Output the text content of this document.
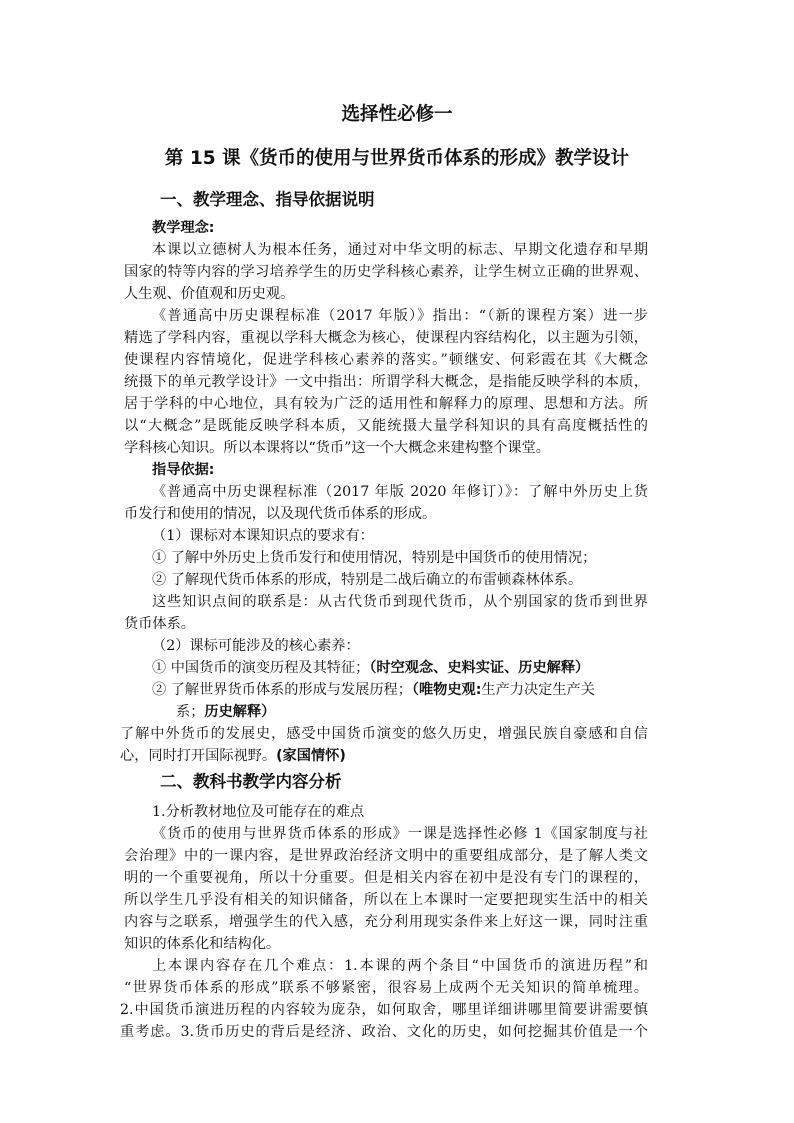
选择性必修一
第 15 课《货币的使用与世界货币体系的形成》教学设计
一、教学理念、指导依据说明
教学理念:
本课以立德树人为根本任务，通过对中华文明的标志、早期文化遗存和早期
国家的特等内容的学习培养学生的历史学科核心素养，让学生树立正确的世界观、
人生观、价值观和历史观。
《普通高中历史课程标准（2017 年版）》指出：“（新的课程方案）进一步
精选了学科内容，重视以学科大概念为核心，使课程内容结构化，以主题为引领，
使课程内容情境化，促进学科核心素养的落实。”顿继安、何彩霞在其《大概念
统摄下的单元教学设计》一文中指出：所谓学科大概念，是指能反映学科的本质，
居于学科的中心地位，具有较为广泛的适用性和解释力的原理、思想和方法。所
以“大概念”是既能反映学科本质，又能统摄大量学科知识的具有高度概括性的
学科核心知识。所以本课将以“货币”这一个大概念来建构整个课堂。
指导依据:
《普通高中历史课程标准（2017 年版 2020 年修订）》：了解中外历史上货
币发行和使用的情况，以及现代货币体系的形成。
（1）课标对本课知识点的要求有：
① 了解中外历史上货币发行和使用情况，特别是中国货币的使用情况；
② 了解现代货币体系的形成，特别是二战后确立的布雷顿森林体系。
这些知识点间的联系是：从古代货币到现代货币，从个别国家的货币到世界
货币体系。
（2）课标可能涉及的核心素养：
① 中国货币的演变历程及其特征；（时空观念、史料实证、历史解释）
② 了解世界货币体系的形成与发展历程；（唯物史观:生产力决定生产关
系；历史解释）
了解中外货币的发展史，感受中国货币演变的悠久历史，增强民族自豪感和自信
心，同时打开国际视野。(家国情怀)
二、教科书教学内容分析
1.分析教材地位及可能存在的难点
《货币的使用与世界货币体系的形成》一课是选择性必修 1《国家制度与社
会治理》中的一课内容，是世界政治经济文明中的重要组成部分，是了解人类文
明的一个重要视角，所以十分重要。但是相关内容在初中是没有专门的课程的，
所以学生几乎没有相关的知识储备，所以在上本课时一定要把现实生活中的相关
内容与之联系，增强学生的代入感，充分利用现实条件来上好这一课，同时注重
知识的体系化和结构化。
上本课内容存在几个难点：1.本课的两个条目“中国货币的演进历程”和
“世界货币体系的形成”联系不够紧密，很容易上成两个无关知识的简单梳理。
2.中国货币演进历程的内容较为庞杂，如何取舍，哪里详细讲哪里简要讲需要慎
重考虑。3.货币历史的背后是经济、政治、文化的历史，如何挖掘其价值是一个
